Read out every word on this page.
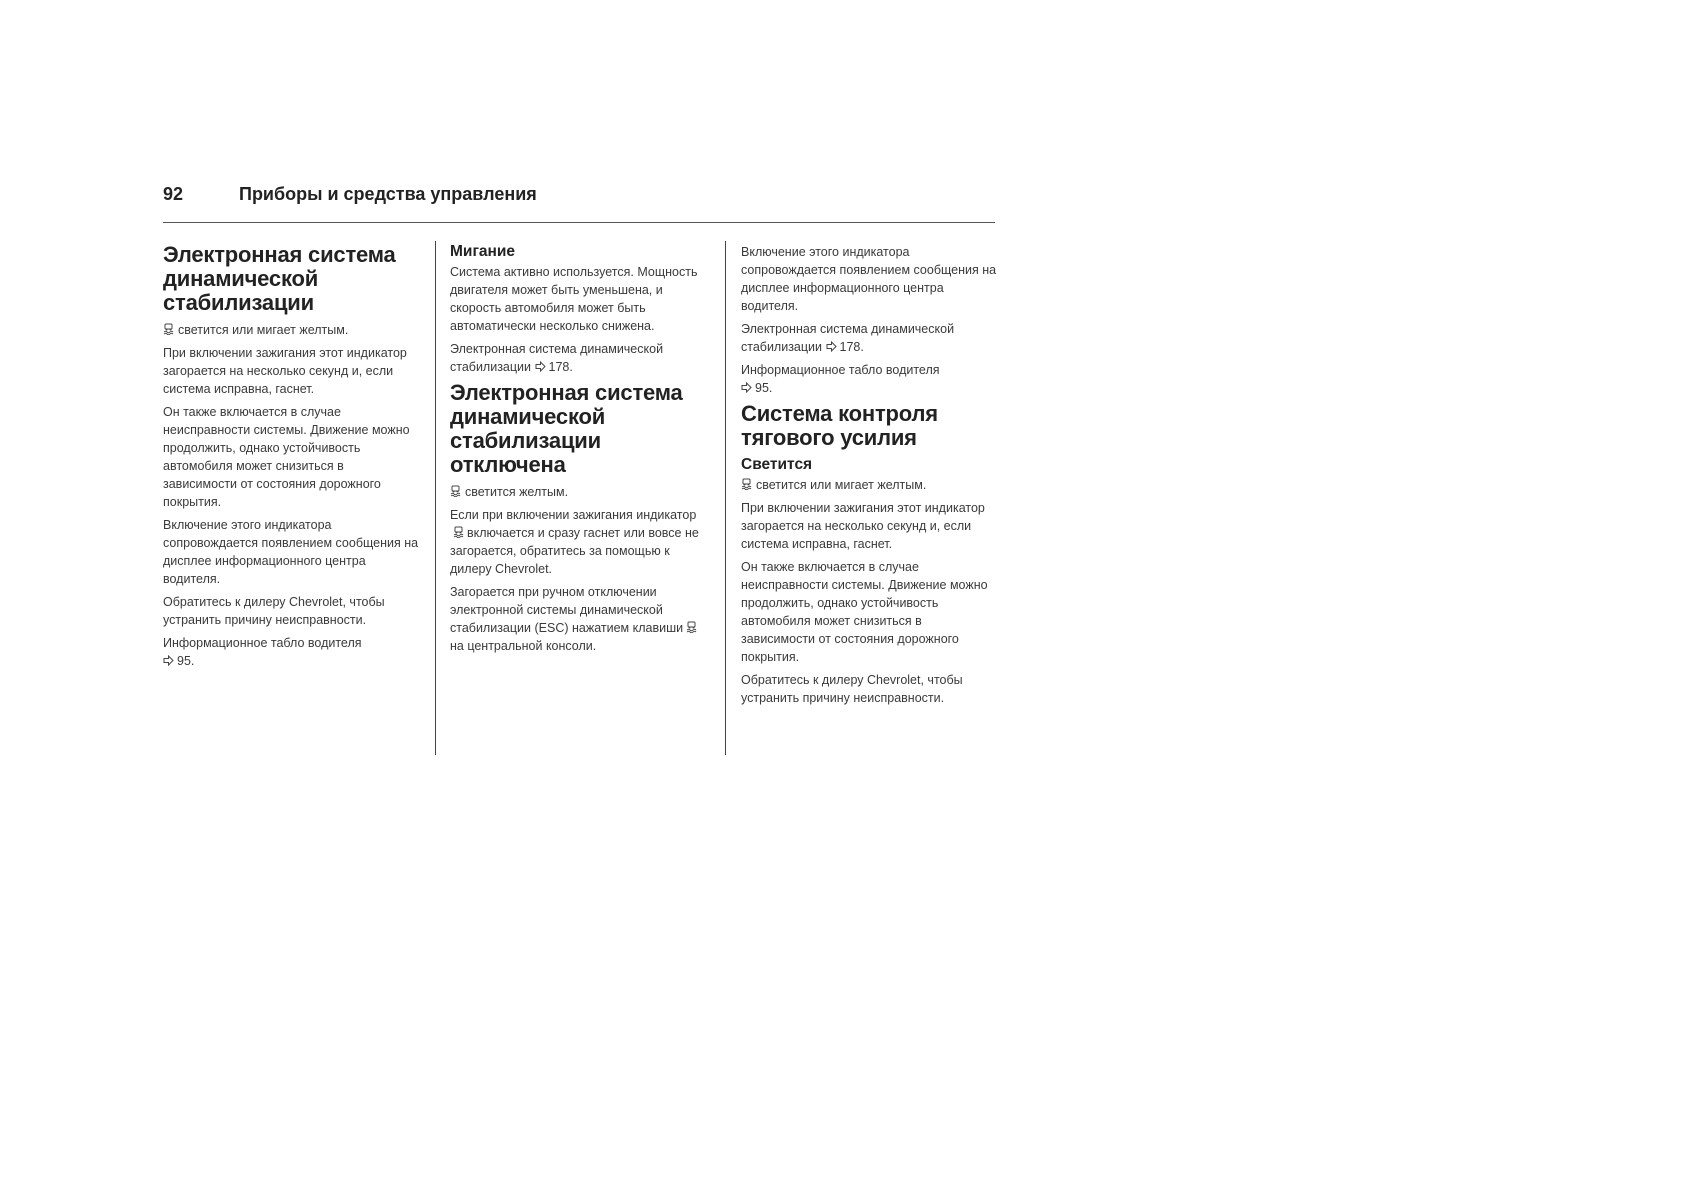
92	Приборы и средства управления
Электронная система динамической стабилизации

светится или мигает желтым.

При включении зажигания этот индикатор загорается на несколько секунд и, если система исправна, гаснет.

Он также включается в случае неисправности системы. Движение можно продолжить, однако устойчивость автомобиля может снизиться в зависимости от состояния дорожного покрытия.

Включение этого индикатора сопровождается появлением сообщения на дисплее информационного центра водителя.

Обратитесь к дилеру Chevrolet, чтобы устранить причину неисправности.

Информационное табло водителя
95.

Мигание

Система активно используется. Мощность двигателя может быть уменьшена, и скорость автомобиля может быть автоматически несколько снижена.

Электронная система динамической стабилизации 178.

Электронная система динамической стабилизации отключена

светится желтым.

Если при включении зажигания индикаторвключается и сразу гаснет или вовсе не загорается, обратитесь за помощью к дилеру Chevrolet.

Загорается при ручном отключении электронной системы динамической стабилизации (ESC) нажатием клавишина центральной консоли.

Включение этого индикатора сопровождается появлением сообщения на дисплее информационного центра водителя.

Электронная система динамической стабилизации 178.

Информационное табло водителя
95.

Система контроля тягового усилия
Светится

светится или мигает желтым.

При включении зажигания этот индикатор загорается на несколько секунд и, если система исправна, гаснет.

Он также включается в случае неисправности системы. Движение можно продолжить, однако устойчивость автомобиля может снизиться в зависимости от состояния дорожного покрытия.

Обратитесь к дилеру Chevrolet, чтобы устранить причину неисправности.
